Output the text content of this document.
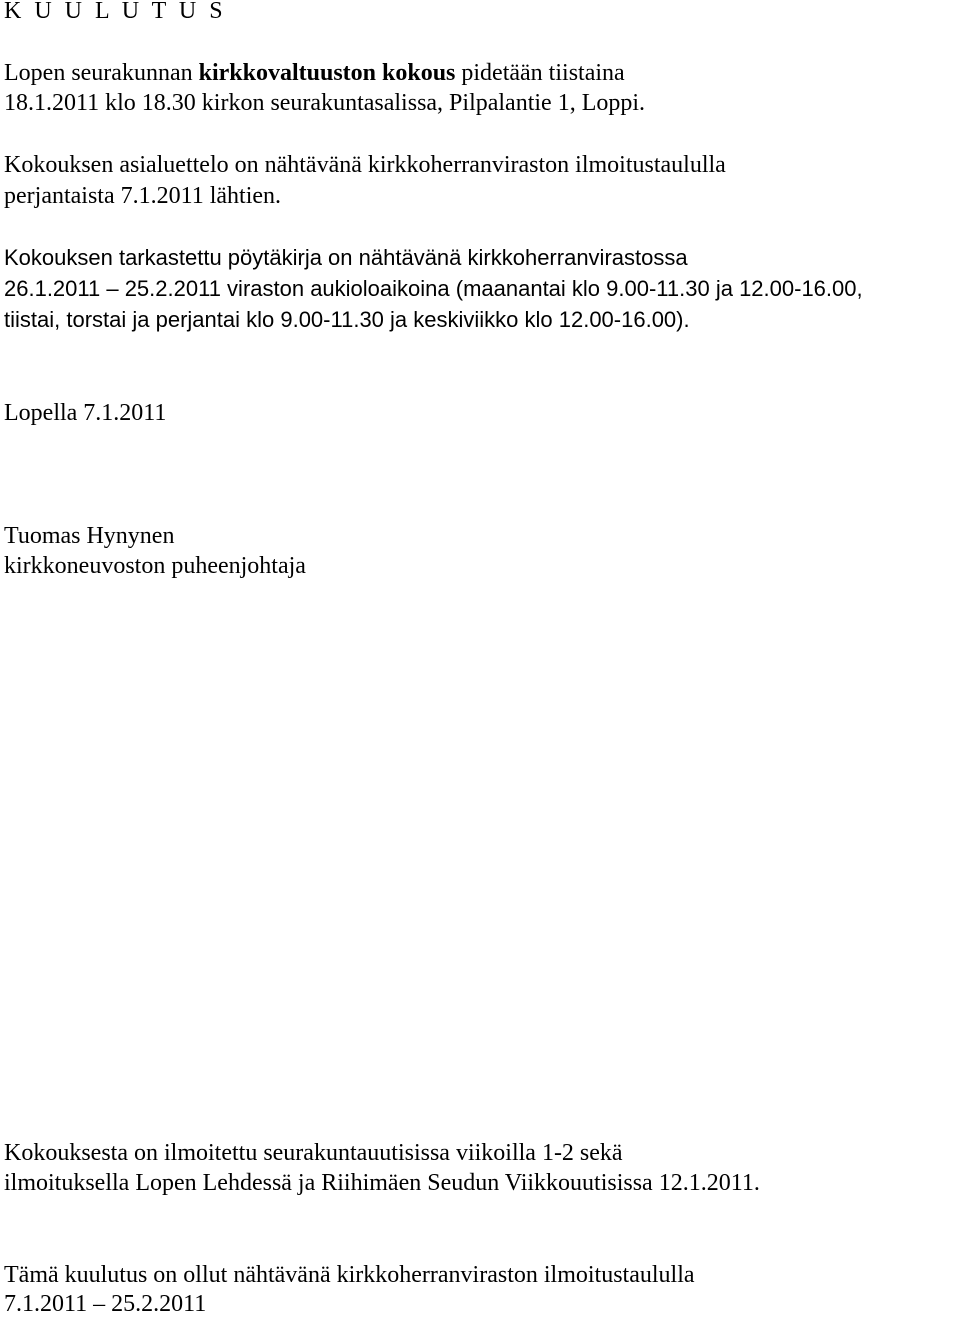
K U U L U T U S
Lopen seurakunnan kirkkovaltuuston kokous pidetään tiistaina
18.1.2011 klo 18.30 kirkon seurakuntasalissa, Pilpalantie 1, Loppi.
Kokouksen asialuettelo on nähtävänä kirkkoherranviraston ilmoitustaululla
perjantaista 7.1.2011 lähtien.
Kokouksen tarkastettu pöytäkirja on nähtävänä kirkkoherranvirastossa
26.1.2011 – 25.2.2011 viraston aukioloaikoina (maanantai klo 9.00-11.30 ja 12.00-16.00,
tiistai, torstai ja perjantai klo 9.00-11.30 ja keskiviikko klo 12.00-16.00).
Lopella 7.1.2011
Tuomas Hynynen
kirkkoneuvoston puheenjohtaja
Kokouksesta on ilmoitettu seurakuntauutisissa viikoilla 1-2 sekä
ilmoituksella Lopen Lehdessä ja Riihimäen Seudun Viikkouutisissa 12.1.2011.
Tämä kuulutus on ollut nähtävänä kirkkoherranviraston ilmoitustaululla
7.1.2011 – 25.2.2011
